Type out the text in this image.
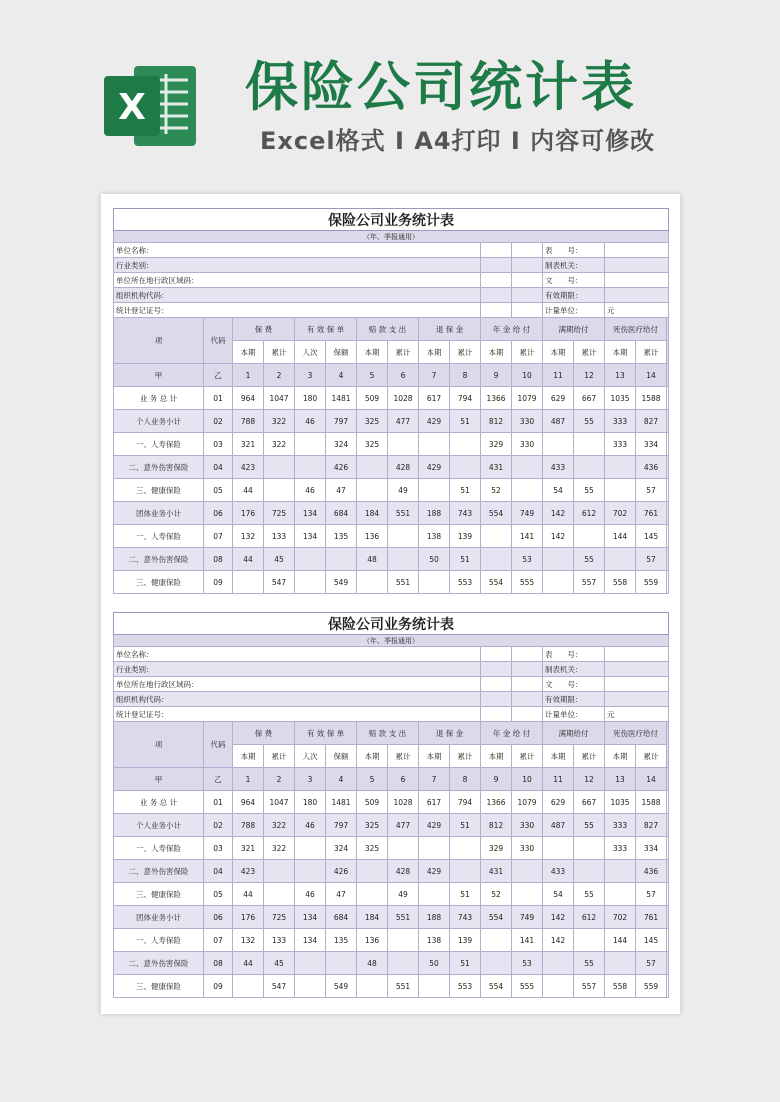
X 保险公司统计表
Excel格式 I A4打印 I 内容可修改
保险公司业务统计表																
（年、季报通用）																
单位名称：												表　　号：				
行业类别：												制表机关：				
单位所在地行政区域码：												文　　号：				
组织机构代码：												有效期限：				
统计登记证号：												计量单位：		元		
项	代码	保 费		有 效 保 单		赔 款 支 出		退 保 金		年 金 给 付		满期给付		死伤医疗给付		
		本期	累计	人次	保额	本期	累计	本期	累计	本期	累计	本期	累计	本期	累计	
甲	乙	1	2	3	4	5	6	7	8	9	10	11	12	13	14	
业 务 总 计	01	964	1047	180	1481	509	1028	617	794	1366	1079	629	667	1035	1588	
个人业务小计	02	788	322	46	797	325	477	429	51	812	330	487	55	333	827	
一、人寿保险	03	321	322		324	325				329	330			333	334	
二、意外伤害保险	04	423			426		428	429		431		433			436	
三、健康保险	05	44		46	47		49		51	52		54	55		57	
团体业务小计	06	176	725	134	684	184	551	188	743	554	749	142	612	702	761	
一、人寿保险	07	132	133	134	135	136		138	139		141	142		144	145	
二、意外伤害保险	08	44	45			48		50	51		53		55		57	
三、健康保险	09		547		549		551		553	554	555		557	558	559	
保险公司业务统计表																
（年、季报通用）																
单位名称：												表　　号：				
行业类别：												制表机关：				
单位所在地行政区域码：												文　　号：				
组织机构代码：												有效期限：				
统计登记证号：												计量单位：		元		
项	代码	保 费		有 效 保 单		赔 款 支 出		退 保 金		年 金 给 付		满期给付		死伤医疗给付		
		本期	累计	人次	保额	本期	累计	本期	累计	本期	累计	本期	累计	本期	累计	
甲	乙	1	2	3	4	5	6	7	8	9	10	11	12	13	14	
业 务 总 计	01	964	1047	180	1481	509	1028	617	794	1366	1079	629	667	1035	1588	
个人业务小计	02	788	322	46	797	325	477	429	51	812	330	487	55	333	827	
一、人寿保险	03	321	322		324	325				329	330			333	334	
二、意外伤害保险	04	423			426		428	429		431		433			436	
三、健康保险	05	44		46	47		49		51	52		54	55		57	
团体业务小计	06	176	725	134	684	184	551	188	743	554	749	142	612	702	761	
一、人寿保险	07	132	133	134	135	136		138	139		141	142		144	145	
二、意外伤害保险	08	44	45			48		50	51		53		55		57	
三、健康保险	09		547		549		551		553	554	555		557	558	559	
